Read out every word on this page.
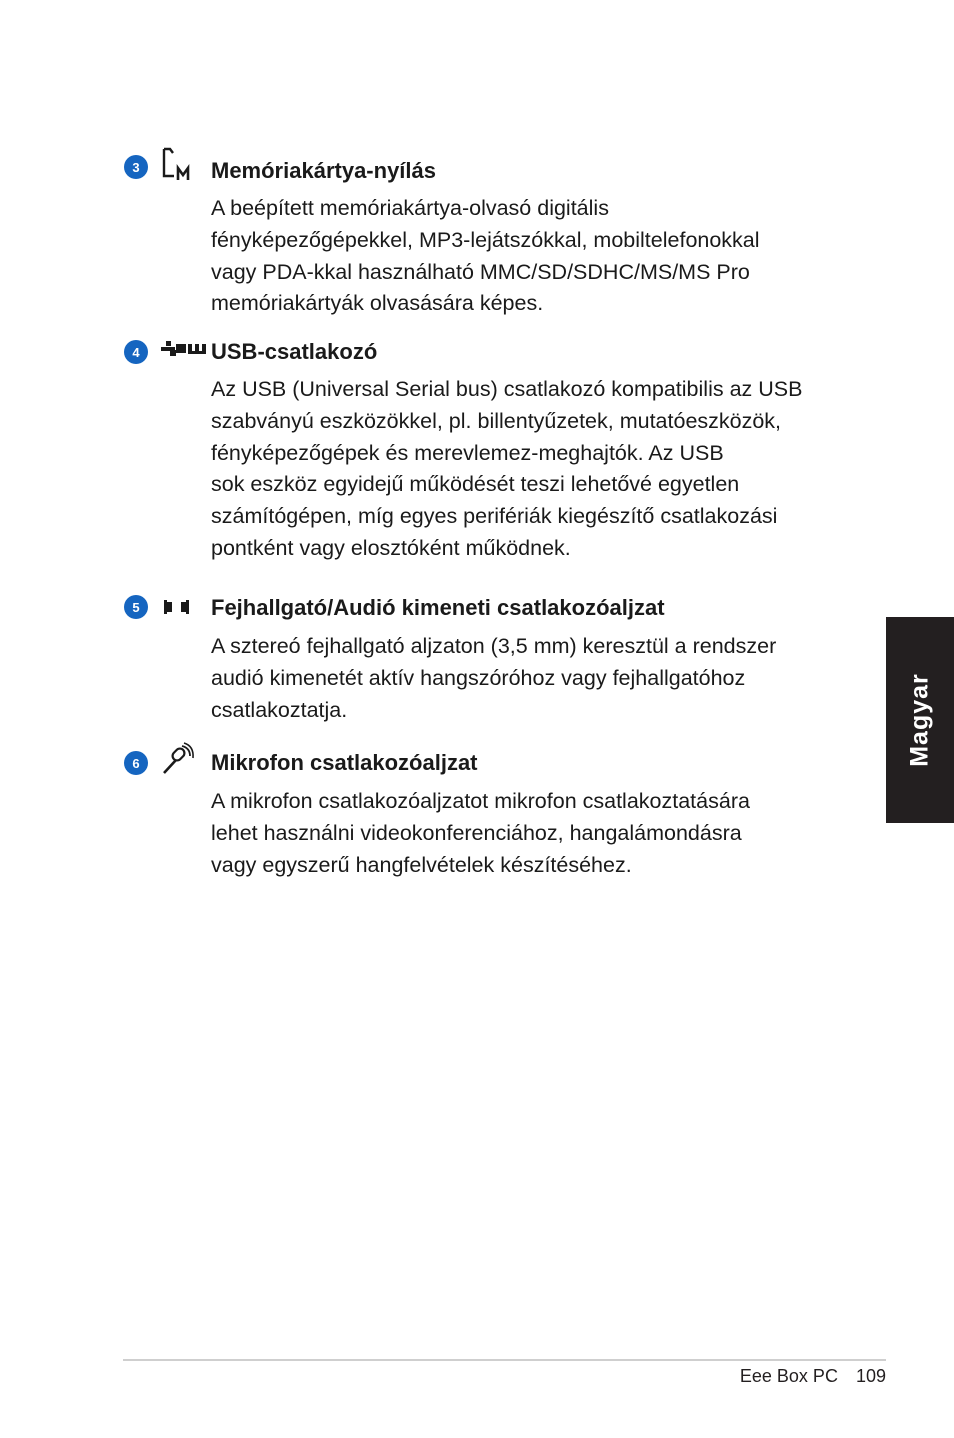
3	Memóriakártya-nyílás
A beépített memóriakártya-olvasó digitális
fényképezőgépekkel, MP3-lejátszókkal, mobiltelefonokkal
vagy PDA-kkal használható MMC/SD/SDHC/MS/MS Pro
memóriakártyák olvasására képes.
4	USB-csatlakozó
Az USB (Universal Serial bus) csatlakozó kompatibilis az USB
szabványú eszközökkel, pl. billentyűzetek, mutatóeszközök,
fényképezőgépek és merevlemez-meghajtók. Az USB
sok eszköz egyidejű működését teszi lehetővé egyetlen
számítógépen, míg egyes perifériák kiegészítő csatlakozási
pontként vagy elosztóként működnek.
5	Fejhallgató/Audió kimeneti csatlakozóaljzat
A sztereó fejhallgató aljzaton (3,5 mm) keresztül a rendszer
audió kimenetét aktív hangszóróhoz vagy fejhallgatóhoz
csatlakoztatja.
6	Mikrofon csatlakozóaljzat
A mikrofon csatlakozóaljzatot mikrofon csatlakoztatására
lehet használni videokonferenciához, hangalámondásra
vagy egyszerű hangfelvételek készítéséhez.
Magyar
Eee Box PC 109
